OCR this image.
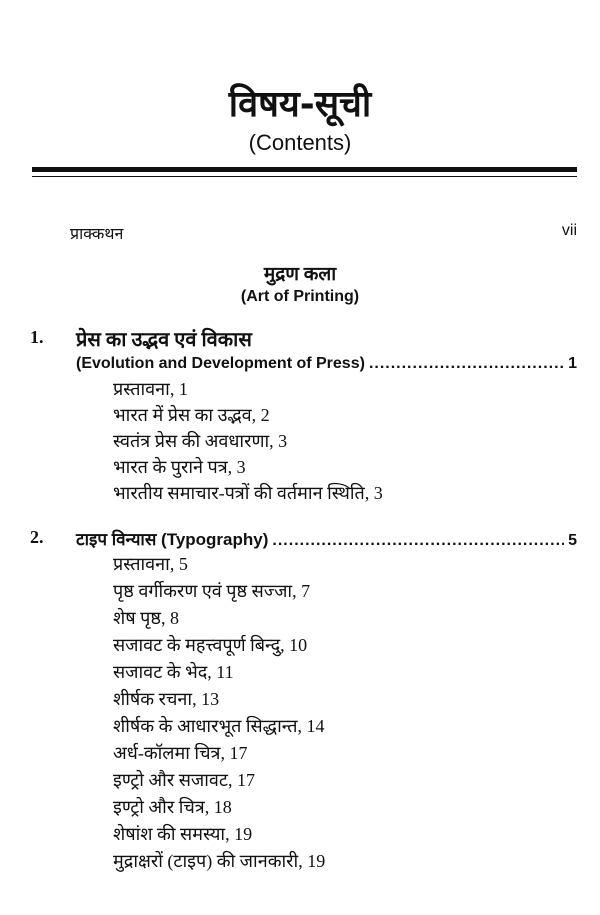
विषय-सूची
(Contents)
प्राक्कथन	vii
मुद्रण कला
(Art of Printing)
1. प्रेस का उद्भव एवं विकास
(Evolution and Development of Press) .....	1
प्रस्तावना, 1
भारत में प्रेस का उद्भव, 2
स्वतंत्र प्रेस की अवधारणा, 3
भारत के पुराने पत्र, 3
भारतीय समाचार-पत्रों की वर्तमान स्थिति, 3
2. टाइप विन्यास (Typography) .....	5
प्रस्तावना, 5
पृष्ठ वर्गीकरण एवं पृष्ठ सज्जा, 7
शेष पृष्ठ, 8
सजावट के महत्त्वपूर्ण बिन्दु, 10
सजावट के भेद, 11
शीर्षक रचना, 13
शीर्षक के आधारभूत सिद्धान्त, 14
अर्ध-कॉलमा चित्र, 17
इण्ट्रो और सजावट, 17
इण्ट्रो और चित्र, 18
शेषांश की समस्या, 19
मुद्राक्षरों (टाइप) की जानकारी, 19
